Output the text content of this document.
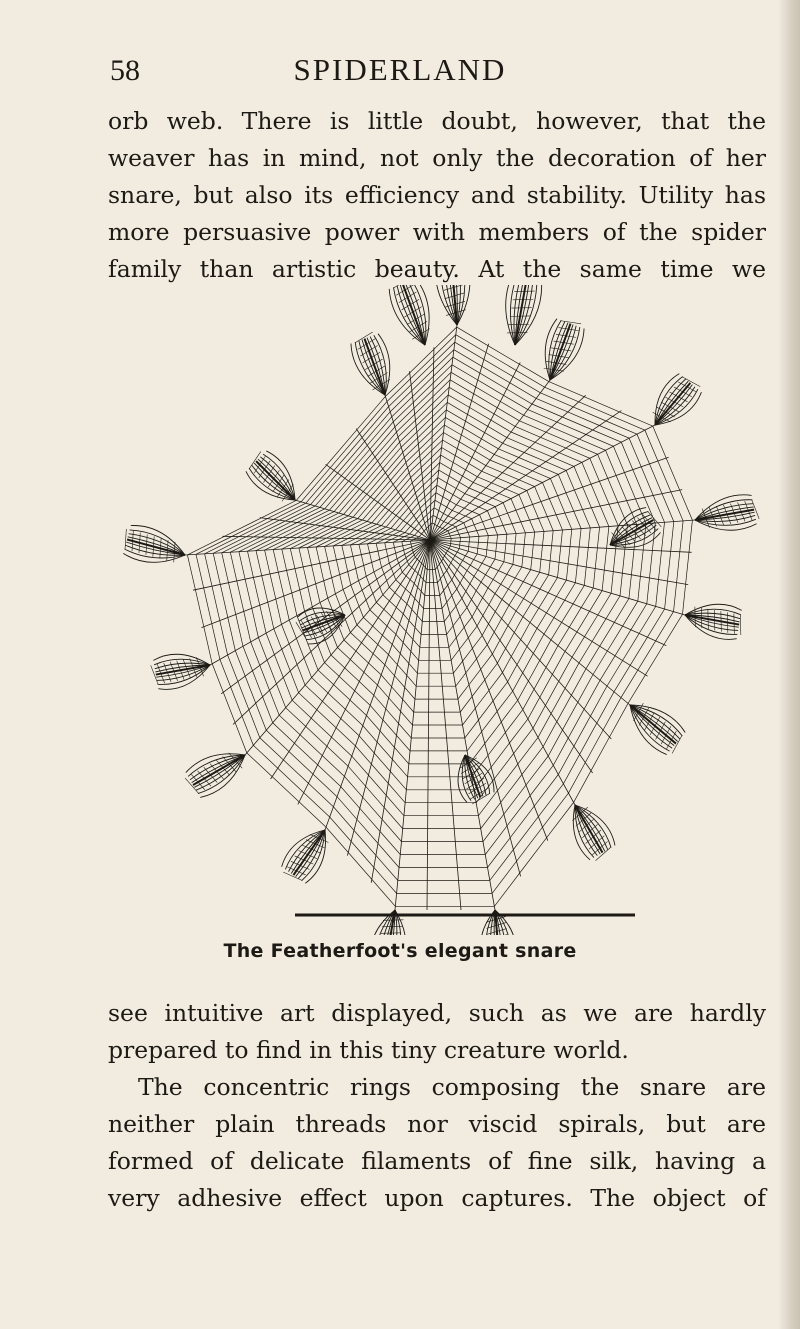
58	SPIDERLAND
orb web. There is little doubt, however, that the
weaver has in mind, not only the decoration of her
snare, but also its efficiency and stability. Utility has
more persuasive power with members of the spider
family than artistic beauty. At the same time we
The Featherfoot's elegant snare
see intuitive art displayed, such as we are hardly
prepared to find in this tiny creature world.
The concentric rings composing the snare are
neither plain threads nor viscid spirals, but are
formed of delicate filaments of fine silk, having a
very adhesive effect upon captures. The object of
